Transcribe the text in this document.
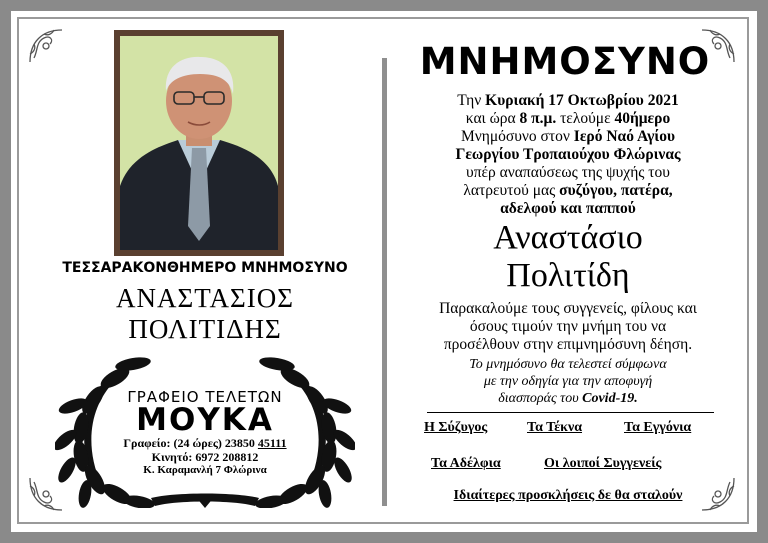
ΤΕΣΣΑΡΑΚΟΝΘΗΜΕΡΟ ΜΝΗΜΟΣΥΝΟ
ΑΝΑΣΤΑΣΙΟΣ
ΠΟΛΙΤΙΔΗΣ
ΓΡΑΦΕΙΟ ΤΕΛΕΤΩΝ
ΜΟΥΚΑ
Γραφείο: (24 ώρες) 23850 45111
Κινητό: 6972 208812
Κ. Καραμανλή 7 Φλώρινα
ΜΝΗΜΟΣΥΝΟ
Την Κυριακή 17 Οκτωβρίου 2021
και ώρα 8 π.μ. τελούμε 40ήμερο
Μνημόσυνο στον Ιερό Ναό Αγίου
Γεωργίου Τροπαιούχου Φλώρινας
υπέρ αναπαύσεως της ψυχής του
λατρευτού μας συζύγου, πατέρα,
αδελφού και παππού
Αναστάσιο
Πολιτίδη
Παρακαλούμε τους συγγενείς, φίλους και
όσους τιμούν την μνήμη του να
προσέλθουν στην επιμνημόσυνη δέηση.
Το μνημόσυνο θα τελεστεί σύμφωνα
με την οδηγία για την αποφυγή
διασποράς του Covid-19.
Η Σύζυγος	Τα Τέκνα	Τα Εγγόνια
Τα Αδέλφια	Οι λοιποί Συγγενείς
Ιδιαίτερες προσκλήσεις δε θα σταλούν
